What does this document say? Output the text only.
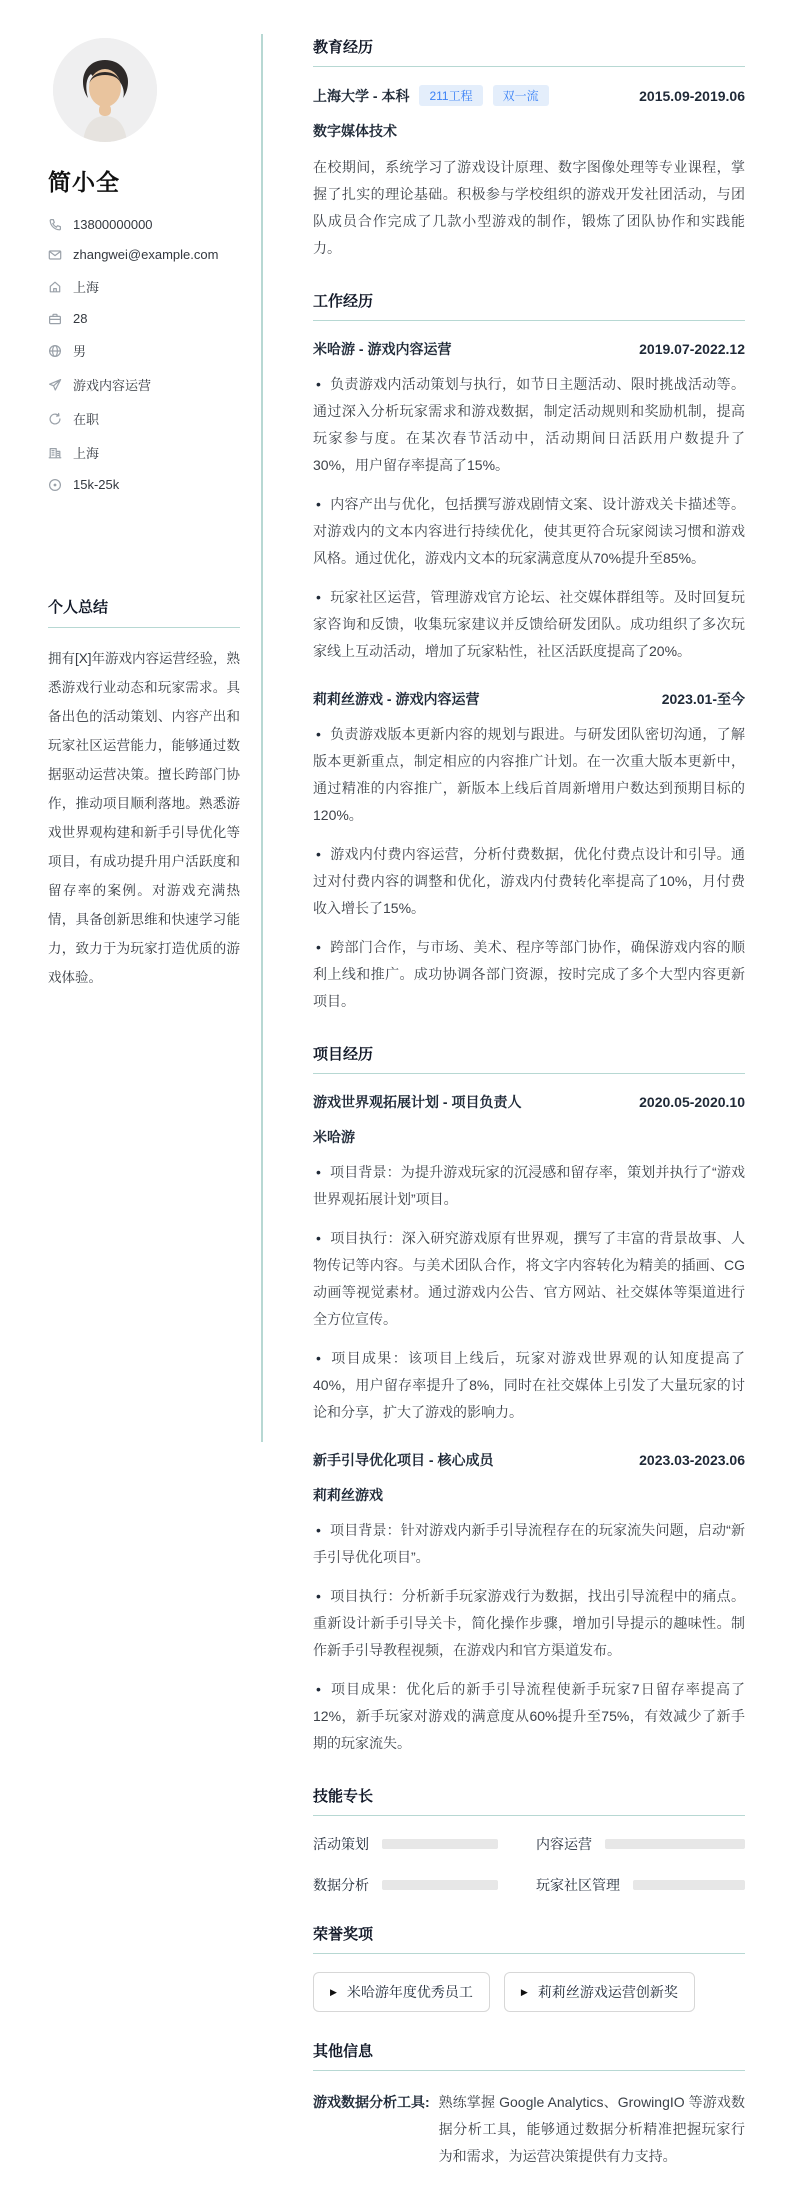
简小全
13800000000
zhangwei@example.com
上海
28
男
游戏内容运营
在职
上海
15k-25k
个人总结
拥有[X]年游戏内容运营经验，熟悉游戏行业动态和玩家需求。具备出色的活动策划、内容产出和玩家社区运营能力，能够通过数据驱动运营决策。擅长跨部门协作，推动项目顺利落地。熟悉游戏世界观构建和新手引导优化等项目，有成功提升用户活跃度和留存率的案例。对游戏充满热情，具备创新思维和快速学习能力，致力于为玩家打造优质的游戏体验。
教育经历
上海大学 - 本科	211工程	双一流	2015.09-2019.06
数字媒体技术
在校期间，系统学习了游戏设计原理、数字图像处理等专业课程，掌握了扎实的理论基础。积极参与学校组织的游戏开发社团活动，与团队成员合作完成了几款小型游戏的制作，锻炼了团队协作和实践能力。
工作经历
米哈游 - 游戏内容运营	2019.07-2022.12
• 负责游戏内活动策划与执行，如节日主题活动、限时挑战活动等。通过深入分析玩家需求和游戏数据，制定活动规则和奖励机制，提高玩家参与度。在某次春节活动中，活动期间日活跃用户数提升了30%，用户留存率提高了15%。
• 内容产出与优化，包括撰写游戏剧情文案、设计游戏关卡描述等。对游戏内的文本内容进行持续优化，使其更符合玩家阅读习惯和游戏风格。通过优化，游戏内文本的玩家满意度从70%提升至85%。
• 玩家社区运营，管理游戏官方论坛、社交媒体群组等。及时回复玩家咨询和反馈，收集玩家建议并反馈给研发团队。成功组织了多次玩家线上互动活动，增加了玩家粘性，社区活跃度提高了20%。
莉莉丝游戏 - 游戏内容运营	2023.01-至今
• 负责游戏版本更新内容的规划与跟进。与研发团队密切沟通，了解版本更新重点，制定相应的内容推广计划。在一次重大版本更新中，通过精准的内容推广，新版本上线后首周新增用户数达到预期目标的120%。
• 游戏内付费内容运营，分析付费数据，优化付费点设计和引导。通过对付费内容的调整和优化，游戏内付费转化率提高了10%，月付费收入增长了15%。
• 跨部门合作，与市场、美术、程序等部门协作，确保游戏内容的顺利上线和推广。成功协调各部门资源，按时完成了多个大型内容更新项目。
项目经历
游戏世界观拓展计划 - 项目负责人	2020.05-2020.10
米哈游
• 项目背景：为提升游戏玩家的沉浸感和留存率，策划并执行了“游戏世界观拓展计划”项目。
• 项目执行：深入研究游戏原有世界观，撰写了丰富的背景故事、人物传记等内容。与美术团队合作，将文字内容转化为精美的插画、CG动画等视觉素材。通过游戏内公告、官方网站、社交媒体等渠道进行全方位宣传。
• 项目成果：该项目上线后，玩家对游戏世界观的认知度提高了40%，用户留存率提升了8%，同时在社交媒体上引发了大量玩家的讨论和分享，扩大了游戏的影响力。
新手引导优化项目 - 核心成员	2023.03-2023.06
莉莉丝游戏
• 项目背景：针对游戏内新手引导流程存在的玩家流失问题，启动“新手引导优化项目”。
• 项目执行：分析新手玩家游戏行为数据，找出引导流程中的痛点。重新设计新手引导关卡，简化操作步骤，增加引导提示的趣味性。制作新手引导教程视频，在游戏内和官方渠道发布。
• 项目成果：优化后的新手引导流程使新手玩家7日留存率提高了12%，新手玩家对游戏的满意度从60%提升至75%，有效减少了新手期的玩家流失。
技能专长
活动策划	内容运营
数据分析	玩家社区管理
荣誉奖项
▶ 米哈游年度优秀员工	▶ 莉莉丝游戏运营创新奖
其他信息
游戏数据分析工具: 熟练掌握 Google Analytics、GrowingIO 等游戏数据分析工具，能够通过数据分析精准把握玩家行为和需求，为运营决策提供有力支持。
